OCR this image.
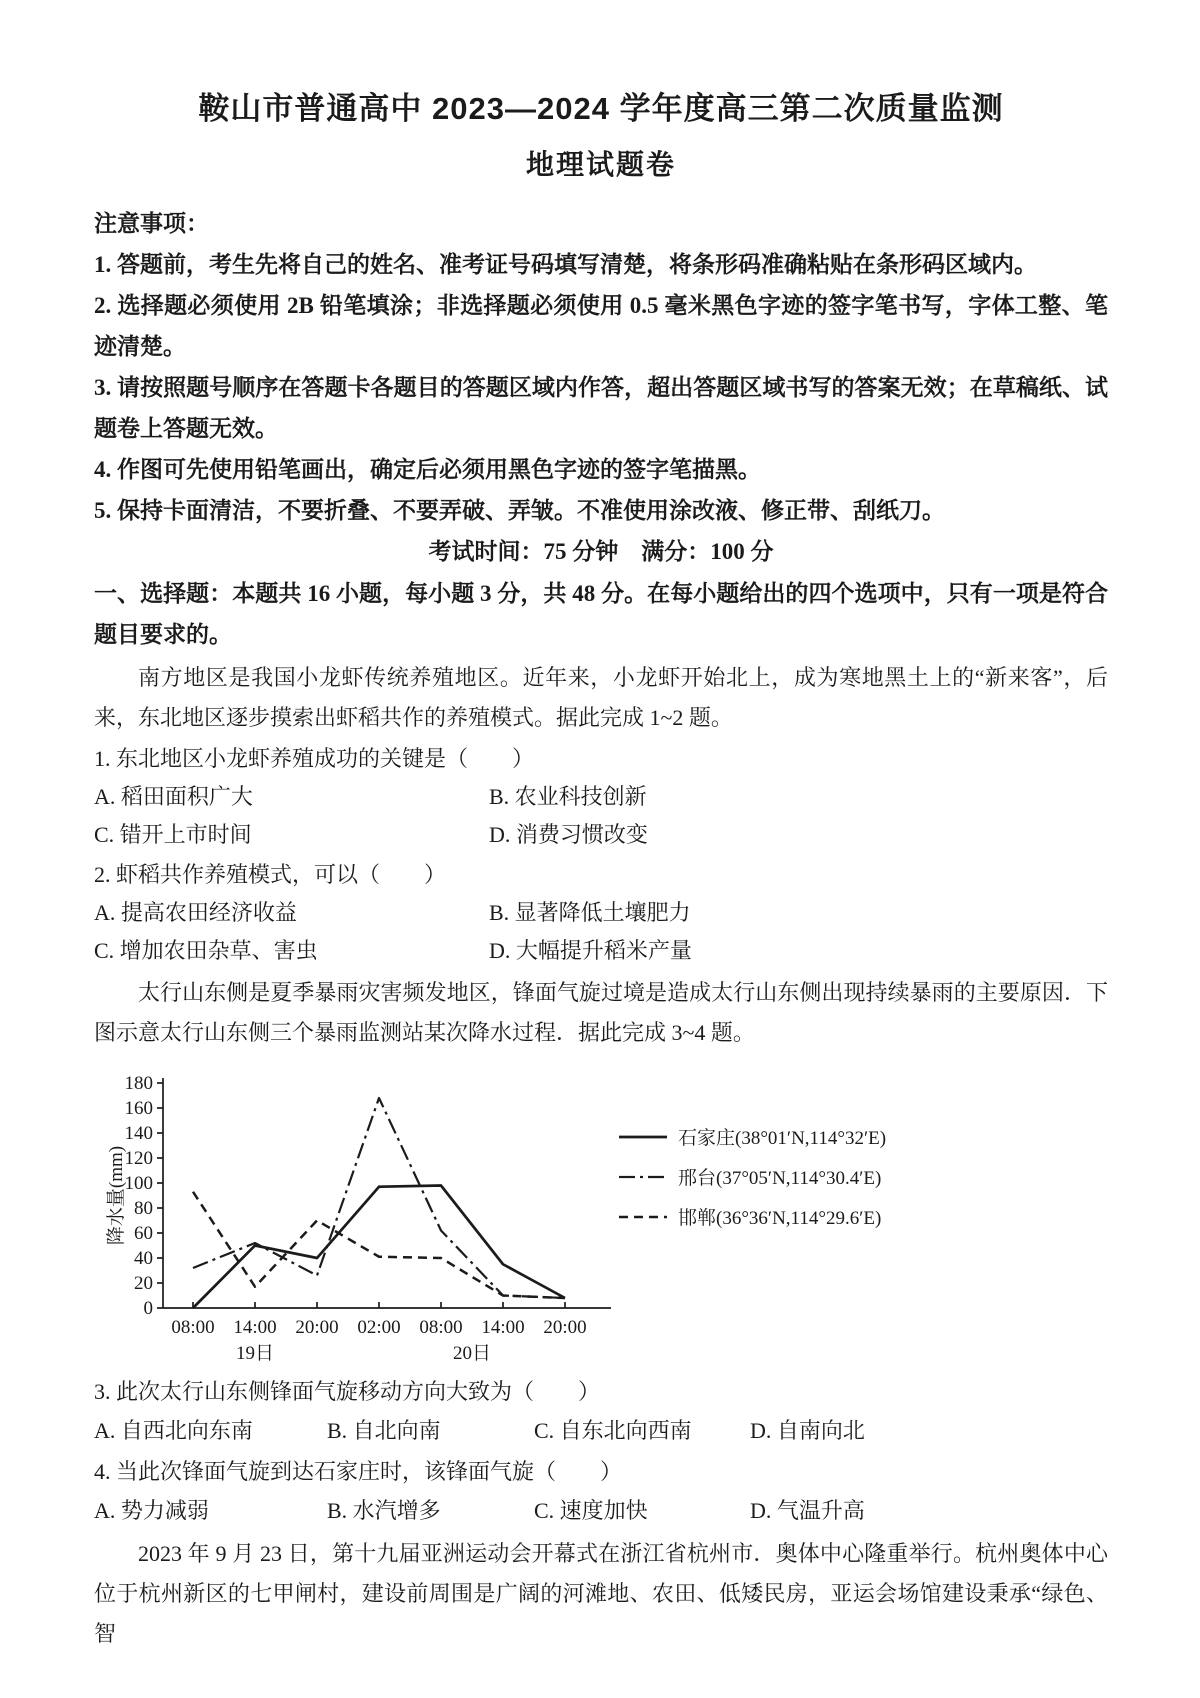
鞍山市普通高中 2023—2024 学年度高三第二次质量监测
地理试题卷

注意事项：

1. 答题前，考生先将自己的姓名、准考证号码填写清楚，将条形码准确粘贴在条形码区域内。

2. 选择题必须使用 2B 铅笔填涂；非选择题必须使用 0.5 毫米黑色字迹的签字笔书写，字体工整、笔迹清楚。

3. 请按照题号顺序在答题卡各题目的答题区域内作答，超出答题区域书写的答案无效；在草稿纸、试题卷上答题无效。

4. 作图可先使用铅笔画出，确定后必须用黑色字迹的签字笔描黑。

5. 保持卡面清洁，不要折叠、不要弄破、弄皱。不准使用涂改液、修正带、刮纸刀。

考试时间：75 分钟　满分：100 分

一、选择题：本题共 16 小题，每小题 3 分，共 48 分。在每小题给出的四个选项中，只有一项是符合题目要求的。

南方地区是我国小龙虾传统养殖地区。近年来，小龙虾开始北上，成为寒地黑土上的“新来客”，后来，东北地区逐步摸索出虾稻共作的养殖模式。据此完成 1~2 题。

1. 东北地区小龙虾养殖成功的关键是（　　）

A. 稻田面积广大	B. 农业科技创新
C. 错开上市时间	D. 消费习惯改变

2. 虾稻共作养殖模式，可以（　　）

A. 提高农田经济收益	B. 显著降低土壤肥力
C. 增加农田杂草、害虫	D. 大幅提升稻米产量

太行山东侧是夏季暴雨灾害频发地区，锋面气旋过境是造成太行山东侧出现持续暴雨的主要原因．下图示意太行山东侧三个暴雨监测站某次降水过程．据此完成 3~4 题。

0
20
40
60
80
100
120
140
160
180
08:00 14:00 20:00 02:00 08:00 14:00 20:00
19日	20日
降水量(mm)
石家庄(38°01′N,114°32′E)
邢台(37°05′N,114°30.4′E)
邯郸(36°36′N,114°29.6′E)

3. 此次太行山东侧锋面气旋移动方向大致为（　　）

A. 自西北向东南	B. 自北向南	C. 自东北向西南	D. 自南向北

4. 当此次锋面气旋到达石家庄时，该锋面气旋（　　）

A. 势力减弱	B. 水汽增多	C. 速度加快	D. 气温升高

2023 年 9 月 23 日，第十九届亚洲运动会开幕式在浙江省杭州市．奥体中心隆重举行。杭州奥体中心位于杭州新区的七甲闸村，建设前周围是广阔的河滩地、农田、低矮民房，亚运会场馆建设秉承“绿色、智
